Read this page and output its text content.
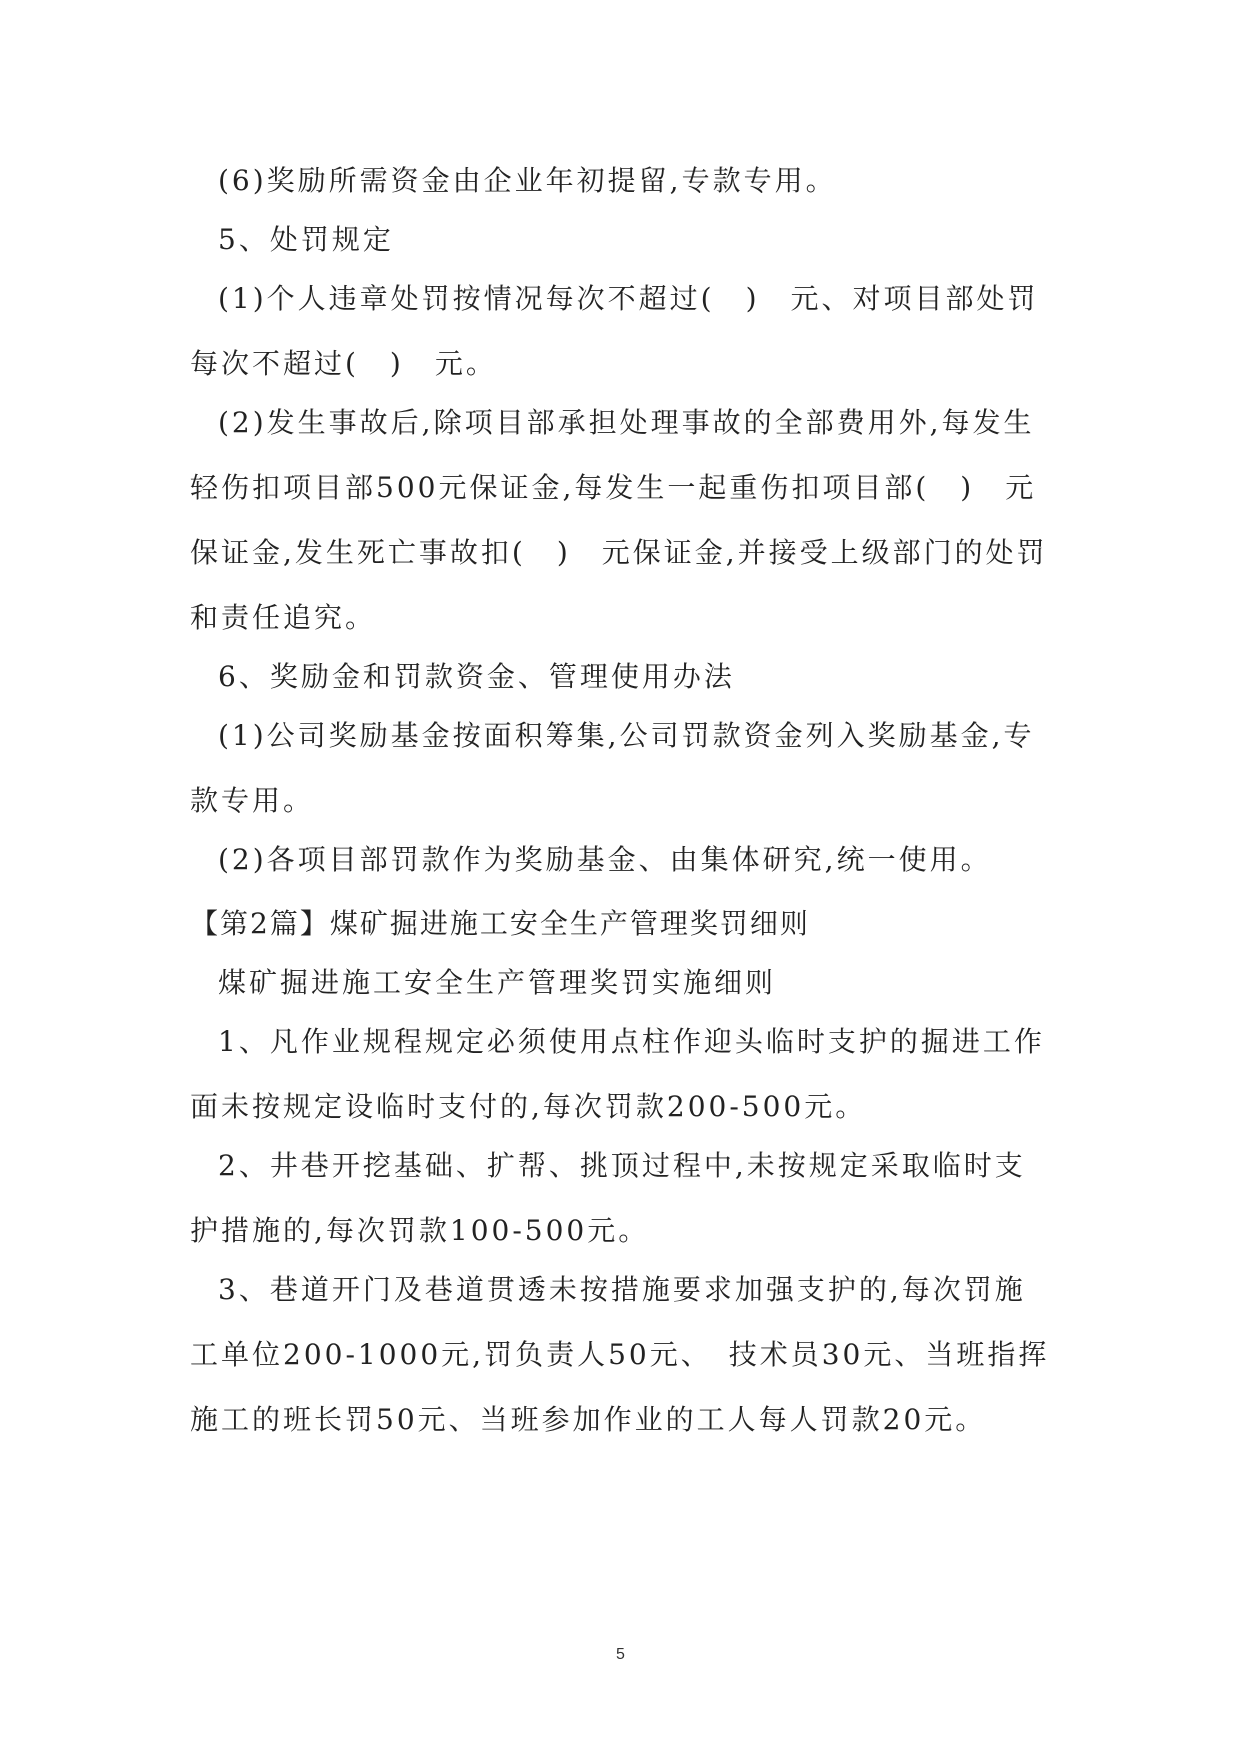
(6)奖励所需资金由企业年初提留,专款专用。

5、处罚规定

(1)个人违章处罚按情况每次不超过(　)　元、对项目部处罚每次不超过(　)　元。

(2)发生事故后,除项目部承担处理事故的全部费用外,每发生轻伤扣项目部500元保证金,每发生一起重伤扣项目部(　)　元保证金,发生死亡事故扣(　)　元保证金,并接受上级部门的处罚和责任追究。

6、奖励金和罚款资金、管理使用办法

(1)公司奖励基金按面积筹集,公司罚款资金列入奖励基金,专款专用。

(2)各项目部罚款作为奖励基金、由集体研究,统一使用。

【第2篇】煤矿掘进施工安全生产管理奖罚细则

煤矿掘进施工安全生产管理奖罚实施细则

1、凡作业规程规定必须使用点柱作迎头临时支护的掘进工作面未按规定设临时支付的,每次罚款200-500元。

2、井巷开挖基础、扩帮、挑顶过程中,未按规定采取临时支护措施的,每次罚款100-500元。

3、巷道开门及巷道贯透未按措施要求加强支护的,每次罚施工单位200-1000元,罚负责人50元、　技术员30元、当班指挥施工的班长罚50元、当班参加作业的工人每人罚款20元。

5
